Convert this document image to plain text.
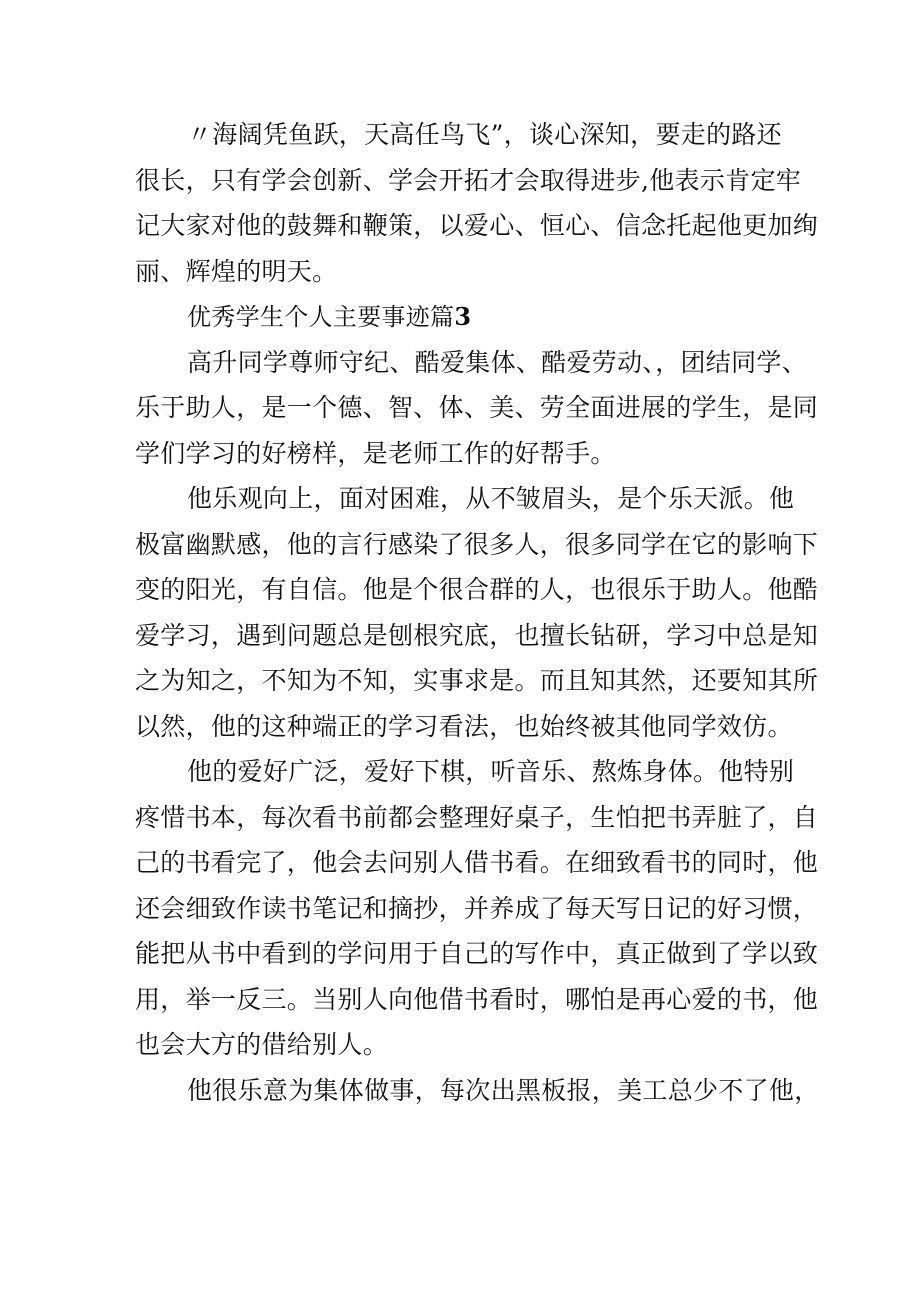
〃海阔凭鱼跃，天高任鸟飞”，谈心深知，要走的路还
很长，只有学会创新、学会开拓才会取得进步,他表示肯定牢
记大家对他的鼓舞和鞭策，以爱心、恒心、信念托起他更加绚
丽、辉煌的明天。
优秀学生个人主要事迹篇3
高升同学尊师守纪、酷爱集体、酷爱劳动、，团结同学、
乐于助人，是一个德、智、体、美、劳全面进展的学生，是同
学们学习的好榜样，是老师工作的好帮手。
他乐观向上，面对困难，从不皱眉头，是个乐天派。他
极富幽默感，他的言行感染了很多人，很多同学在它的影响下
变的阳光，有自信。他是个很合群的人，也很乐于助人。他酷
爱学习，遇到问题总是刨根究底，也擅长钻研，学习中总是知
之为知之，不知为不知，实事求是。而且知其然，还要知其所
以然，他的这种端正的学习看法，也始终被其他同学效仿。
他的爱好广泛，爱好下棋，听音乐、熬炼身体。他特别
疼惜书本，每次看书前都会整理好桌子，生怕把书弄脏了，自
己的书看完了，他会去问别人借书看。在细致看书的同时，他
还会细致作读书笔记和摘抄，并养成了每天写日记的好习惯，
能把从书中看到的学问用于自己的写作中，真正做到了学以致
用，举一反三。当别人向他借书看时，哪怕是再心爱的书，他
也会大方的借给别人。
他很乐意为集体做事，每次出黑板报，美工总少不了他，
